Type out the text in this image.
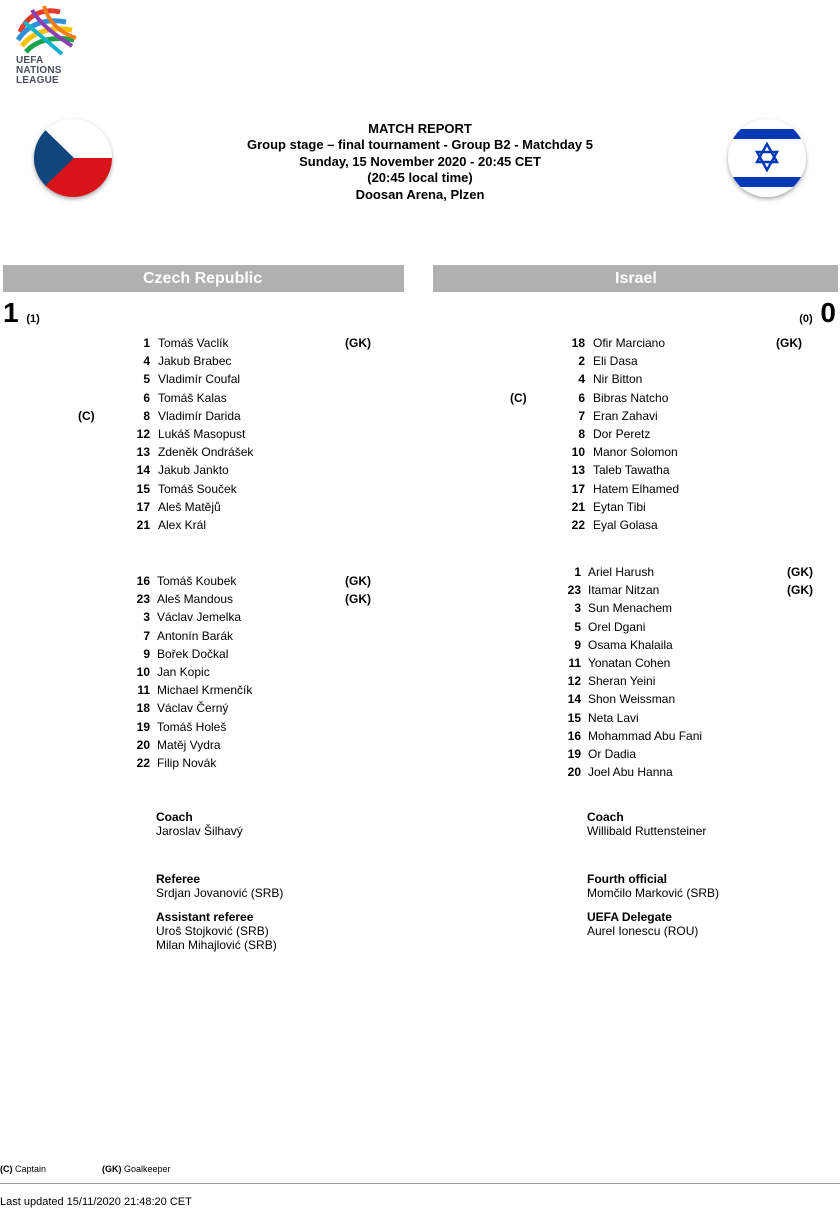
UEFA
NATIONS
LEAGUE
MATCH REPORT
Group stage – final tournament - Group B2 - Matchday 5
Sunday, 15 November 2020 - 20:45 CET
(20:45 local time)
Doosan Arena, Plzen
Czech Republic	Israel
1 (1)	(0) 0
1 Tomáš Vaclík	(GK)
4 Jakub Brabec
5 Vladimír Coufal
6 Tomáš Kalas
(C)	8 Vladimír Darida
12 Lukáš Masopust
13 Zdeněk Ondrášek
14 Jakub Jankto
15 Tomáš Souček
17 Aleš Matějů
21 Alex Král
18 Ofir Marciano	(GK)
2 Eli Dasa
4 Nir Bitton
(C)	6 Bibras Natcho
7 Eran Zahavi
8 Dor Peretz
10 Manor Solomon
13 Taleb Tawatha
17 Hatem Elhamed
21 Eytan Tibi
22 Eyal Golasa
16 Tomáš Koubek	(GK)
23 Aleš Mandous	(GK)
3 Václav Jemelka
7 Antonín Barák
9 Bořek Dočkal
10 Jan Kopic
11 Michael Krmenčík
18 Václav Černý
19 Tomáš Holeš
20 Matěj Vydra
22 Filip Novák
1 Ariel Harush	(GK)
23 Itamar Nitzan	(GK)
3 Sun Menachem
5 Orel Dgani
9 Osama Khalaila
11 Yonatan Cohen
12 Sheran Yeini
14 Shon Weissman
15 Neta Lavi
16 Mohammad Abu Fani
19 Or Dadia
20 Joel Abu Hanna
Coach
Jaroslav Šilhavý
Coach
Willibald Ruttensteiner
Referee
Srdjan Jovanović (SRB)
Assistant referee
Uroš Stojković (SRB)
Milan Mihajlović (SRB)
Fourth official
Momčilo Marković (SRB)
UEFA Delegate
Aurel Ionescu (ROU)
(C) Captain	(GK) Goalkeeper
Last updated 15/11/2020 21:48:20 CET
